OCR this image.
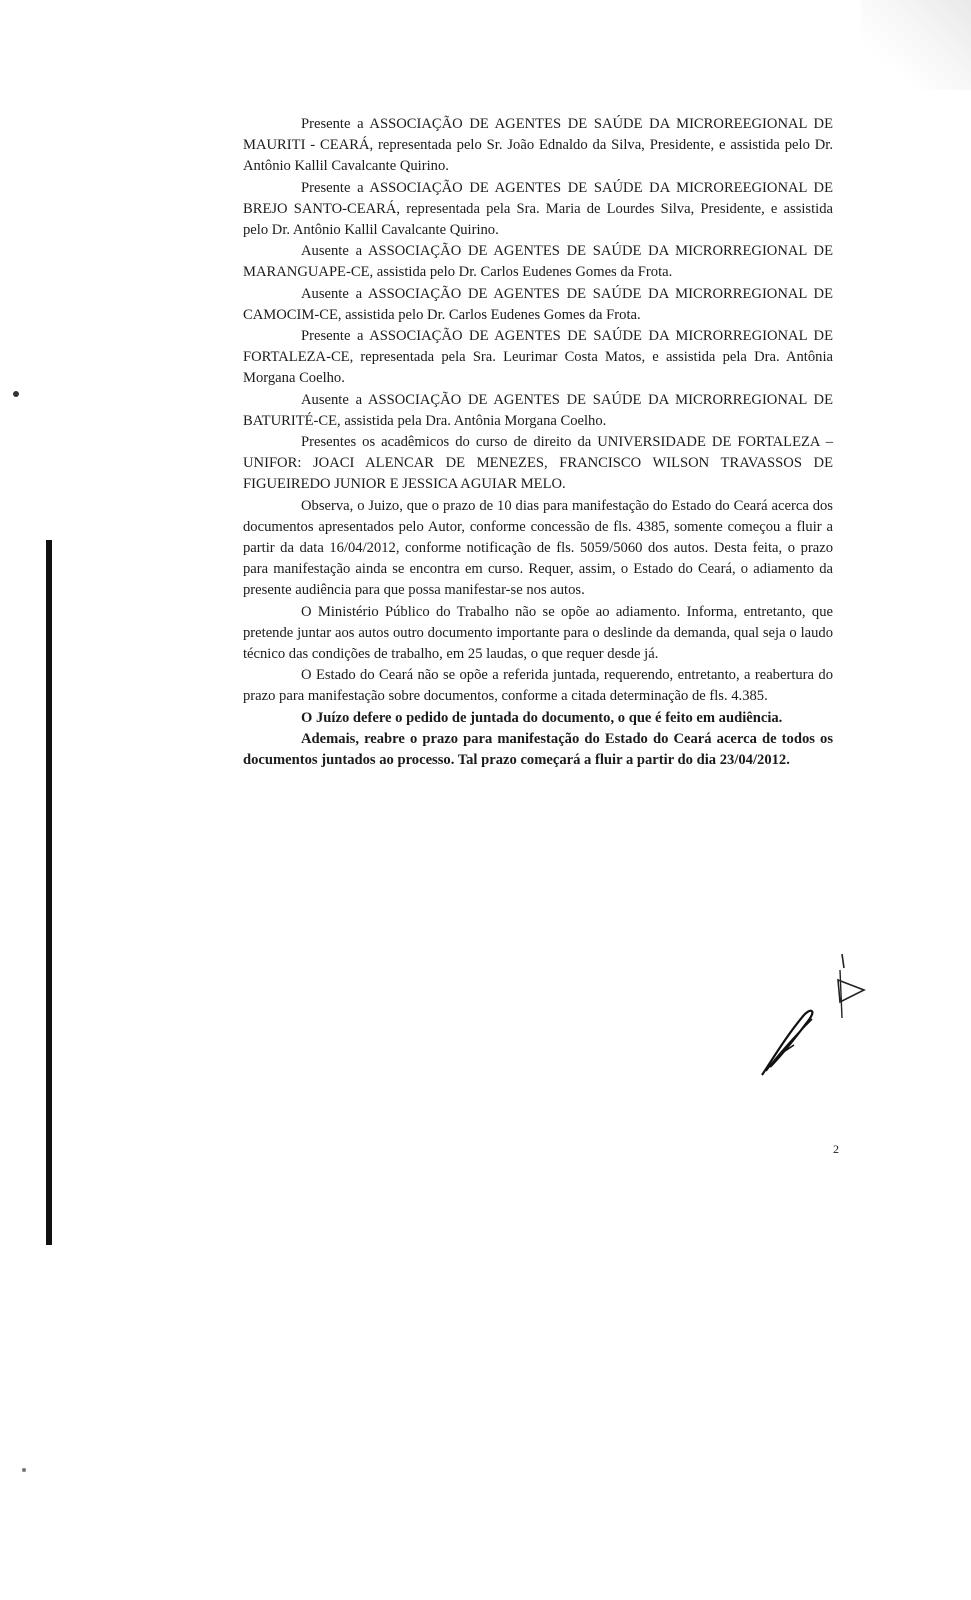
Presente a ASSOCIAÇÃO DE AGENTES DE SAÚDE DA MICROREEGIONAL DE MAURITI - CEARÁ, representada pelo Sr. João Ednaldo da Silva, Presidente, e assistida pelo Dr. Antônio Kallil Cavalcante Quirino.

Presente a ASSOCIAÇÃO DE AGENTES DE SAÚDE DA MICROREEGIONAL DE BREJO SANTO-CEARÁ, representada pela Sra. Maria de Lourdes Silva, Presidente, e assistida pelo Dr. Antônio Kallil Cavalcante Quirino.

Ausente a ASSOCIAÇÃO DE AGENTES DE SAÚDE DA MICRORREGIONAL DE MARANGUAPE-CE, assistida pelo Dr. Carlos Eudenes Gomes da Frota.

Ausente a ASSOCIAÇÃO DE AGENTES DE SAÚDE DA MICRORREGIONAL DE CAMOCIM-CE, assistida pelo Dr. Carlos Eudenes Gomes da Frota.

Presente a ASSOCIAÇÃO DE AGENTES DE SAÚDE DA MICRORREGIONAL DE FORTALEZA-CE, representada pela Sra. Leurimar Costa Matos, e assistida pela Dra. Antônia Morgana Coelho.

Ausente a ASSOCIAÇÃO DE AGENTES DE SAÚDE DA MICRORREGIONAL DE BATURITÉ-CE, assistida pela Dra. Antônia Morgana Coelho.

Presentes os acadêmicos do curso de direito da UNIVERSIDADE DE FORTALEZA – UNIFOR: JOACI ALENCAR DE MENEZES, FRANCISCO WILSON TRAVASSOS DE FIGUEIREDO JUNIOR E JESSICA AGUIAR MELO.

Observa, o Juizo, que o prazo de 10 dias para manifestação do Estado do Ceará acerca dos documentos apresentados pelo Autor, conforme concessão de fls. 4385, somente começou a fluir a partir da data 16/04/2012, conforme notificação de fls. 5059/5060 dos autos. Desta feita, o prazo para manifestação ainda se encontra em curso. Requer, assim, o Estado do Ceará, o adiamento da presente audiência para que possa manifestar-se nos autos.

O Ministério Público do Trabalho não se opõe ao adiamento. Informa, entretanto, que pretende juntar aos autos outro documento importante para o deslinde da demanda, qual seja o laudo técnico das condições de trabalho, em 25 laudas, o que requer desde já.

O Estado do Ceará não se opõe a referida juntada, requerendo, entretanto, a reabertura do prazo para manifestação sobre documentos, conforme a citada determinação de fls. 4.385.

O Juízo defere o pedido de juntada do documento, o que é feito em audiência.

Ademais, reabre o prazo para manifestação do Estado do Ceará acerca de todos os documentos juntados ao processo. Tal prazo começará a fluir a partir do dia 23/04/2012.

2
